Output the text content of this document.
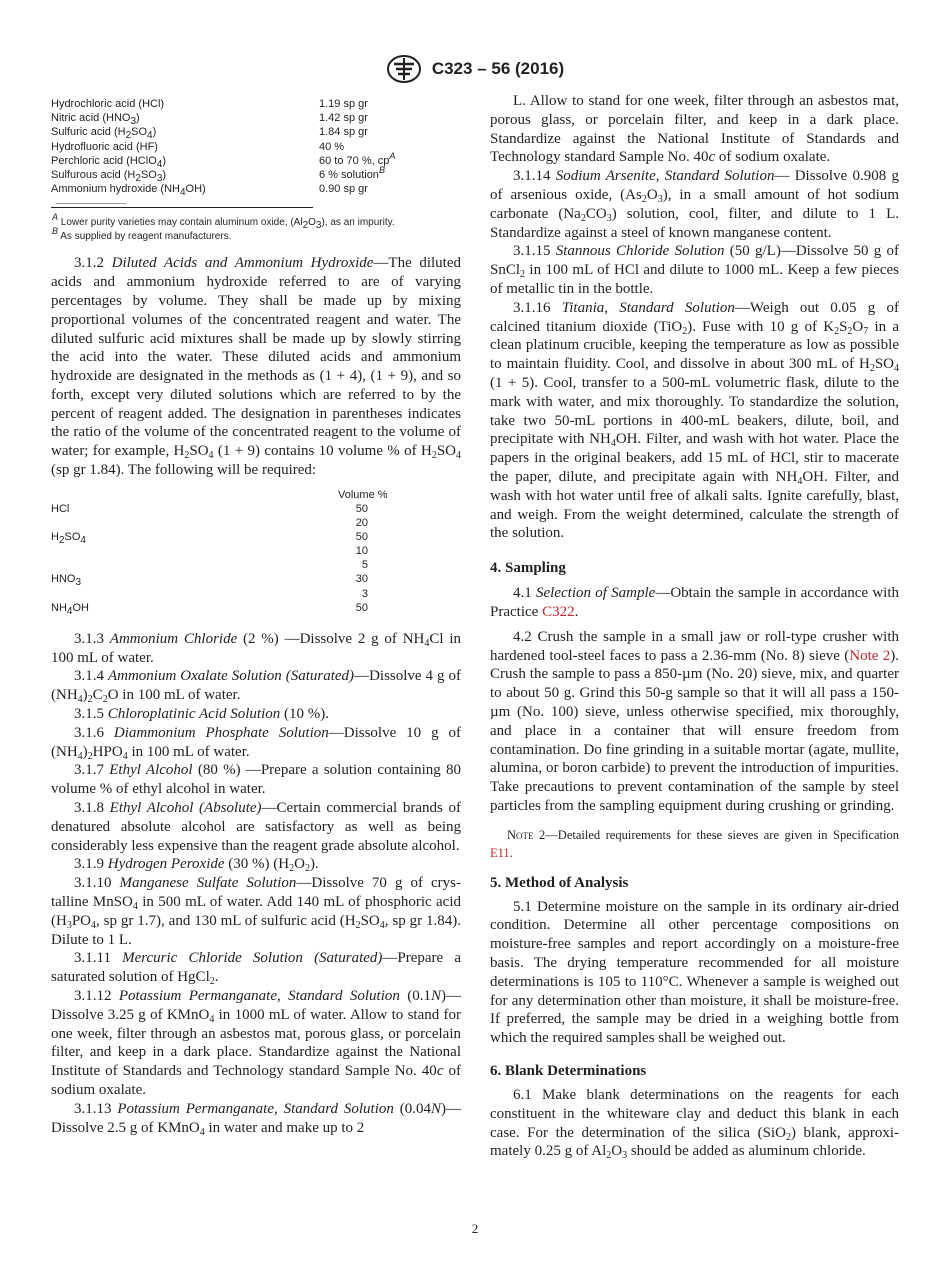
C323 – 56 (2016)
Hydrochloric acid (HCl)	1.19 sp gr
Nitric acid $(HNO_3)$	1.42 sp gr
Sulfuric acid $(H_2SO_4)$	1.84 sp gr
Hydrofluoric acid (HF)	40 %
Perchloric acid (HClO$_4$)	60 to 70 %, $cp^A$
Sulfurous acid $(H_2SO_3)$	6 % solution$^B$
Ammonium hydroxide $(NH_4OH)$	0.90 sp gr
$^A$ Lower purity varieties may contain aluminum oxide, $(Al_2O_3)$, as an impurity.
$^B$ As supplied by reagent manufacturers.

3.1.2 Diluted Acids and Ammonium Hydroxide—The diluted acids and ammonium hydroxide referred to are of varying percentages by volume. They shall be made up by mixing proportional volumes of the concentrated reagent and water. The diluted sulfuric acid mixtures shall be made up by slowly stirring the acid into the water. These diluted acids and ammonium hydroxide are designated in the methods as (1 + 4), (1 + 9), and so forth, except very diluted solutions which are referred to by the percent of reagent added. The designation in parentheses indicates the ratio of the volume of the concentrated reagent to the volume of water; for example, $H_2SO_4$ (1 + 9) contains 10 volume % of $H_2SO_4$ (sp gr 1.84). The following will be required:

Volume %
HCl	50
20
$H_2SO_4$	50
10
5
$HNO_3$	30
3
$NH_4OH$	50

3.1.3 Ammonium Chloride (2 %) —Dissolve 2 g of $NH_4Cl$ in 100 mL of water.

3.1.4 Ammonium Oxalate Solution (Saturated)—Dissolve 4 g of $(NH_4)_2C_2O$ in 100 mL of water.

3.1.5 Chloroplatinic Acid Solution (10 %).

3.1.6 Diammonium Phosphate Solution—Dissolve 10 g of $(NH_4)_2HPO_4$ in 100 mL of water.

3.1.7 Ethyl Alcohol (80 %) —Prepare a solution containing 80 volume % of ethyl alcohol in water.

3.1.8 Ethyl Alcohol (Absolute)—Certain commercial brands of denatured absolute alcohol are satisfactory as well as being considerably less expensive than the reagent grade absolute alcohol.

3.1.9 Hydrogen Peroxide (30 %) $(H_2O_2)$.

3.1.10 Manganese Sulfate Solution—Dissolve 70 g of crystalline MnSO$_4$ in 500 mL of water. Add 140 mL of phosphoric acid ($H_3PO_4$, sp gr 1.7), and 130 mL of sulfuric acid ($H_2SO_4$, sp gr 1.84). Dilute to 1 L.

3.1.11 Mercuric Chloride Solution (Saturated)—Prepare a saturated solution of HgCl$_2$.

3.1.12 Potassium Permanganate, Standard Solution (0.1N)—Dissolve 3.25 g of KMnO$_4$ in 1000 mL of water. Allow to stand for one week, filter through an asbestos mat, porous glass, or porcelain filter, and keep in a dark place. Standardize against the National Institute of Standards and Technology standard Sample No. 40c of sodium oxalate.

3.1.13 Potassium Permanganate, Standard Solution (0.04N)—Dissolve 2.5 g of KMnO$_4$ in water and make up to 2

L. Allow to stand for one week, filter through an asbestos mat, porous glass, or porcelain filter, and keep in a dark place. Standardize against the National Institute of Standards and Technology standard Sample No. 40c of sodium oxalate.

3.1.14 Sodium Arsenite, Standard Solution— Dissolve 0.908 g of arsenious oxide, $(As_2O_3)$, in a small amount of hot sodium carbonate $(Na_2CO_3)$ solution, cool, filter, and dilute to 1 L. Standardize against a steel of known manganese content.

3.1.15 Stannous Chloride Solution (50 g/L)—Dissolve 50 g of SnCl$_2$ in 100 mL of HCl and dilute to 1000 mL. Keep a few pieces of metallic tin in the bottle.

3.1.16 Titania, Standard Solution—Weigh out 0.05 g of calcined titanium dioxide (TiO$_2$). Fuse with 10 g of $K_2S_2O_7$ in a clean platinum crucible, keeping the temperature as low as possible to maintain fluidity. Cool, and dissolve in about 300 mL of $H_2SO_4$ (1 + 5). Cool, transfer to a 500-mL volumetric flask, dilute to the mark with water, and mix thoroughly. To standardize the solution, take two 50-mL portions in 400-mL beakers, dilute, boil, and precipitate with $NH_4OH$. Filter, and wash with hot water. Place the papers in the original beakers, add 15 mL of HCl, stir to macerate the paper, dilute, and precipitate again with $NH_4OH$. Filter, and wash with hot water until free of alkali salts. Ignite carefully, blast, and weigh. From the weight determined, calculate the strength of the solution.

4. Sampling

4.1 Selection of Sample—Obtain the sample in accordance with Practice C322.

4.2 Crush the sample in a small jaw or roll-type crusher with hardened tool-steel faces to pass a 2.36-mm (No. 8) sieve (Note 2). Crush the sample to pass a 850-µm (No. 20) sieve, mix, and quarter to about 50 g. Grind this 50-g sample so that it will all pass a 150-µm (No. 100) sieve, unless otherwise specified, mix thoroughly, and place in a container that will ensure freedom from contamination. Do fine grinding in a suitable mortar (agate, mullite, alumina, or boron carbide) to prevent the introduction of impurities. Take precautions to prevent contamination of the sample by steel particles from the sampling equipment during crushing or grinding.

Note 2—Detailed requirements for these sieves are given in Specification E11.

5. Method of Analysis

5.1 Determine moisture on the sample in its ordinary air-dried condition. Determine all other percentage compositions on moisture-free samples and report accordingly on a moisture-free basis. The drying temperature recommended for all moisture determinations is 105 to 110°C. Whenever a sample is weighed out for any determination other than moisture, it shall be moisture-free. If preferred, the sample may be dried in a weighing bottle from which the required samples shall be weighed out.

6. Blank Determinations

6.1 Make blank determinations on the reagents for each constituent in the whiteware clay and deduct this blank in each case. For the determination of the silica (SiO$_2$) blank, approximately 0.25 g of $Al_2O_3$ should be added as aluminum chloride.

2
